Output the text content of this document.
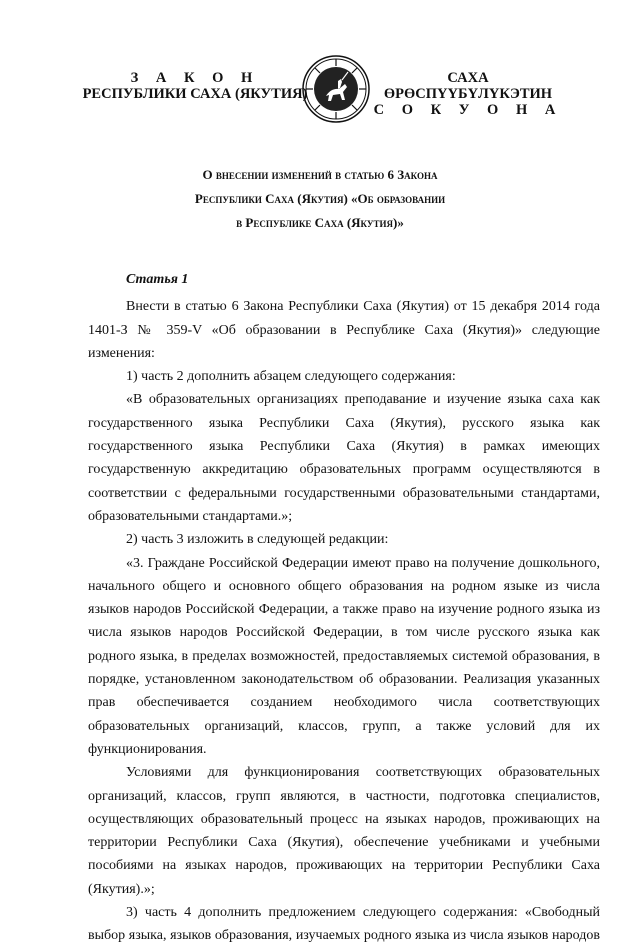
З А К О Н
РЕСПУБЛИКИ САХА (ЯКУТИЯ)
САХА ӨРӨСПҮҮБҮЛҮКЭТИН
С О К У О Н А
О внесении изменений в статью 6 Закона
Республики Саха (Якутия) «Об образовании
в Республике Саха (Якутия)»
Статья 1

Внести в статью 6 Закона Республики Саха (Якутия) от 15 декабря 2014 года 1401-З № 359-V «Об образовании в Республике Саха (Якутия)» следующие изменения:

1) часть 2 дополнить абзацем следующего содержания:

«В образовательных организациях преподавание и изучение языка саха как государственного языка Республики Саха (Якутия), русского языка как государственного языка Республики Саха (Якутия) в рамках имеющих государственную аккредитацию образовательных программ осуществляются в соответствии с федеральными государственными образовательными стандартами, образовательными стандартами.»;

2) часть 3 изложить в следующей редакции:

«3. Граждане Российской Федерации имеют право на получение дошкольного, начального общего и основного общего образования на родном языке из числа языков народов Российской Федерации, а также право на изучение родного языка из числа языков народов Российской Федерации, в том числе русского языка как родного языка, в пределах возможностей, предоставляемых системой образования, в порядке, установленном законодательством об образовании. Реализация указанных прав обеспечивается созданием необходимого числа соответствующих образовательных организаций, классов, групп, а также условий для их функционирования.

Условиями для функционирования соответствующих образовательных организаций, классов, групп являются, в частности, подготовка специалистов, осуществляющих образовательный процесс на языках народов, проживающих на территории Республики Саха (Якутия), обеспечение учебниками и учебными пособиями на языках народов, проживающих на территории Республики Саха (Якутия).»;

3) часть 4 дополнить предложением следующего содержания: «Свободный выбор языка, языков образования, изучаемых родного языка из числа языков народов
